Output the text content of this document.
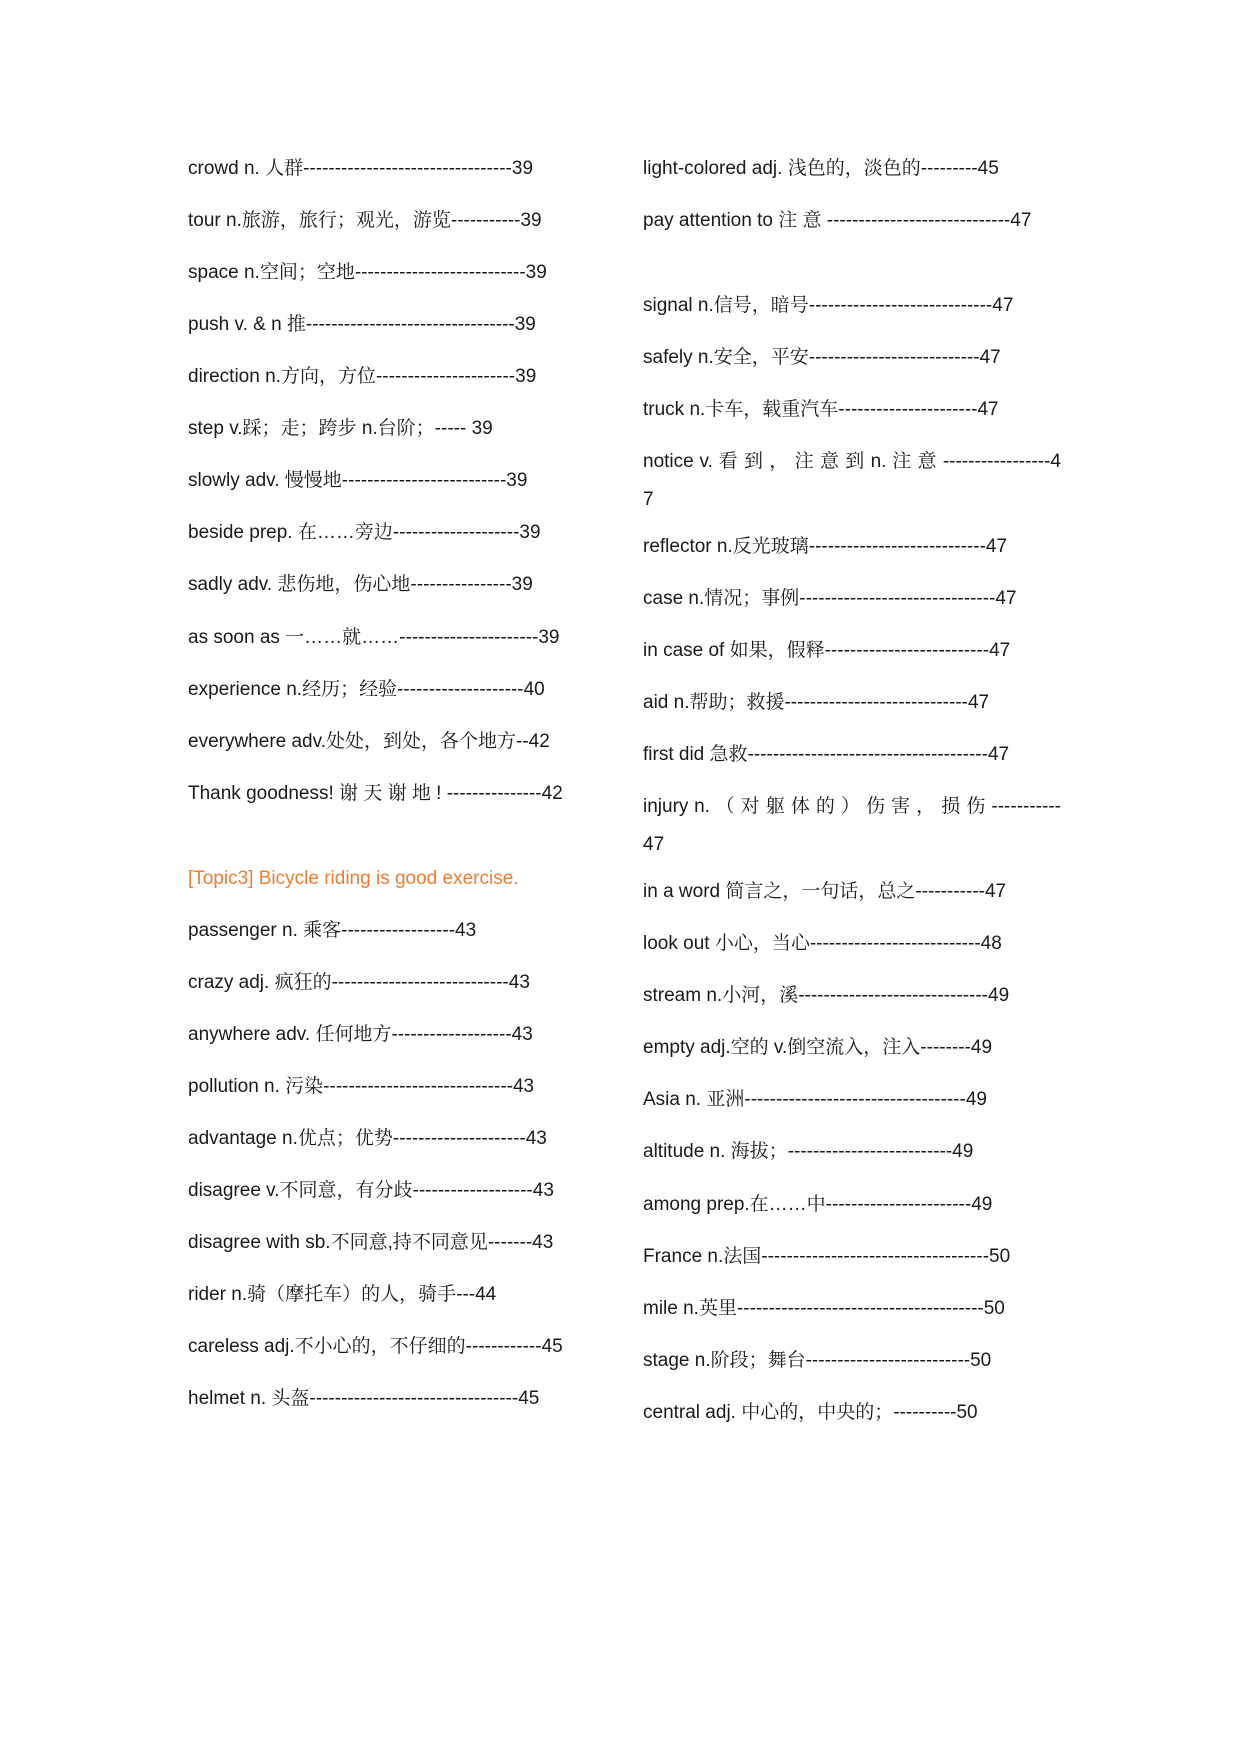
crowd n. 人群---------------------------------39
tour n.旅游，旅行；观光，游览-----------39
space n.空间；空地---------------------------39
push v. & n 推---------------------------------39
direction n.方向，方位----------------------39
step v.踩；走；跨步 n.台阶；----- 39
slowly adv. 慢慢地--------------------------39
beside prep. 在……旁边--------------------39
sadly adv. 悲伤地，伤心地----------------39
as soon as 一……就……----------------------39
experience n.经历；经验--------------------40
everywhere adv.处处，到处，各个地方--42
Thank goodness! 谢 天 谢 地 ! ---------------42
[Topic3] Bicycle riding is good exercise.
passenger n. 乘客------------------43
crazy adj. 疯狂的----------------------------43
anywhere adv. 任何地方-------------------43
pollution n. 污染------------------------------43
advantage n.优点；优势---------------------43
disagree v.不同意，有分歧-------------------43
disagree with sb.不同意,持不同意见-------43
rider n.骑（摩托车）的人，骑手---44
careless adj.不小心的，不仔细的------------45
helmet n. 头盔---------------------------------45
light-colored adj. 浅色的，淡色的---------45
pay attention to 注 意 -----------------------------47
signal n.信号，暗号-----------------------------47
safely n.安全，平安---------------------------47
truck n.卡车，载重汽车----------------------47
notice v. 看 到 ， 注 意 到 n. 注 意 -----------------47
reflector n.反光玻璃----------------------------47
case n.情况；事例-------------------------------47
in case of 如果，假释--------------------------47
aid n.帮助；救援-----------------------------47
first did 急救--------------------------------------47
injury n. （ 对 躯 体 的 ） 伤 害 ， 损 伤 -----------47
in a word 简言之，一句话，总之-----------47
look out 小心，当心---------------------------48
stream n.小河，溪------------------------------49
empty adj.空的 v.倒空流入，注入--------49
Asia n. 亚洲-----------------------------------49
altitude n. 海拔；--------------------------49
among prep.在……中-----------------------49
France n.法国------------------------------------50
mile n.英里---------------------------------------50
stage n.阶段；舞台--------------------------50
central adj. 中心的，中央的；----------50
